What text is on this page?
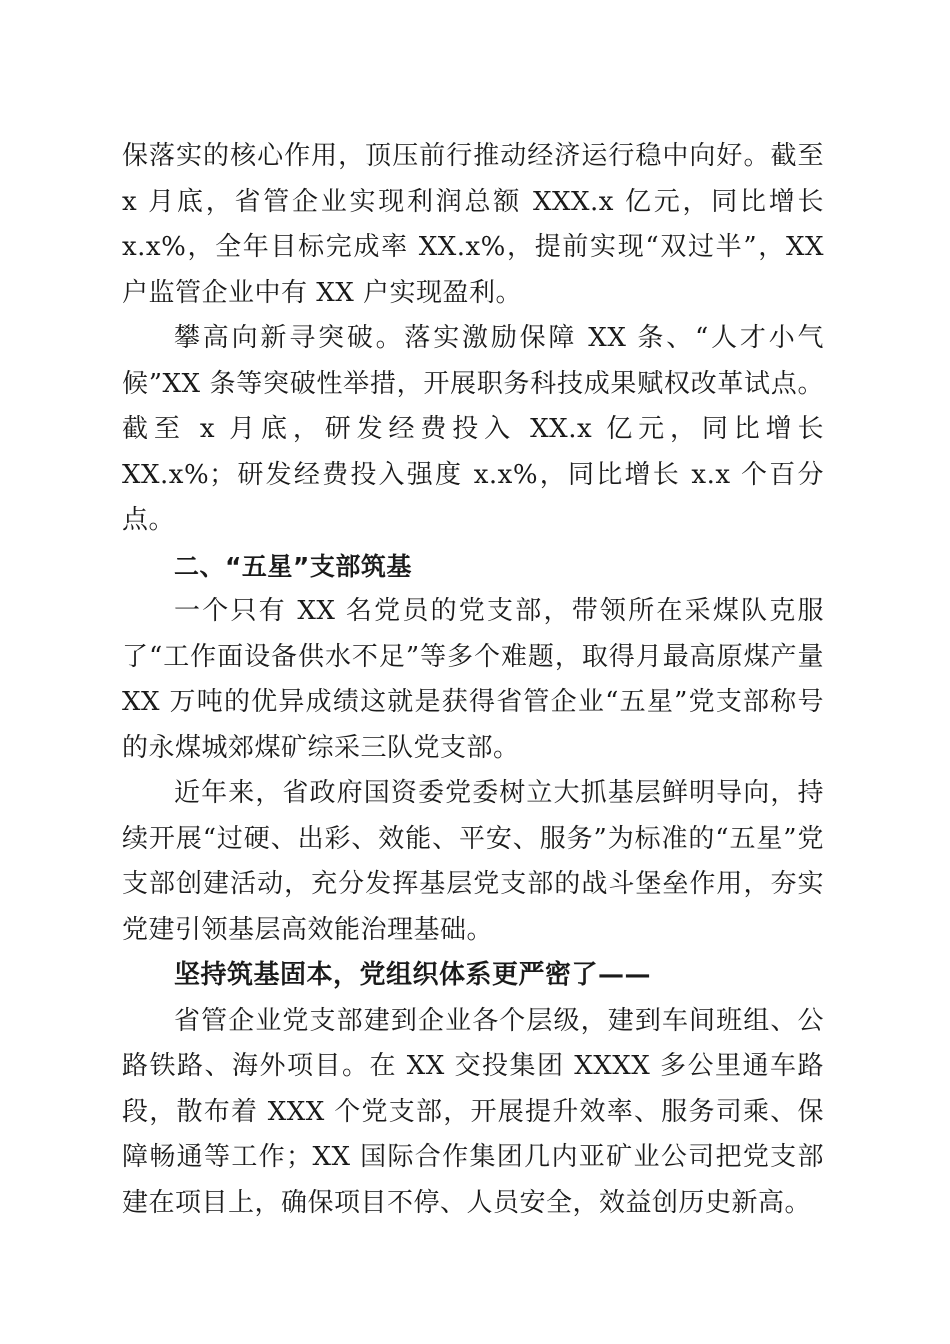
保落实的核心作用，顶压前行推动经济运行稳中向好。截至 x 月底，省管企业实现利润总额 XXX.x 亿元，同比增长 x.x%，全年目标完成率 XX.x%，提前实现“双过半”，XX 户监管企业中有 XX 户实现盈利。

攀高向新寻突破。落实激励保障 XX 条、“人才小气候”XX 条等突破性举措，开展职务科技成果赋权改革试点。截至 x 月底，研发经费投入 XX.x 亿元，同比增长 XX.x%；研发经费投入强度 x.x%，同比增长 x.x 个百分点。

二、“五星”支部筑基

一个只有 XX 名党员的党支部，带领所在采煤队克服了“工作面设备供水不足”等多个难题，取得月最高原煤产量 XX 万吨的优异成绩这就是获得省管企业“五星”党支部称号的永煤城郊煤矿综采三队党支部。

近年来，省政府国资委党委树立大抓基层鲜明导向，持续开展“过硬、出彩、效能、平安、服务”为标准的“五星”党支部创建活动，充分发挥基层党支部的战斗堡垒作用，夯实党建引领基层高效能治理基础。

坚持筑基固本，党组织体系更严密了——

省管企业党支部建到企业各个层级，建到车间班组、公路铁路、海外项目。在 XX 交投集团 XXXX 多公里通车路段，散布着 XXX 个党支部，开展提升效率、服务司乘、保障畅通等工作；XX 国际合作集团几内亚矿业公司把党支部建在项目上，确保项目不停、人员安全，效益创历史新高。
